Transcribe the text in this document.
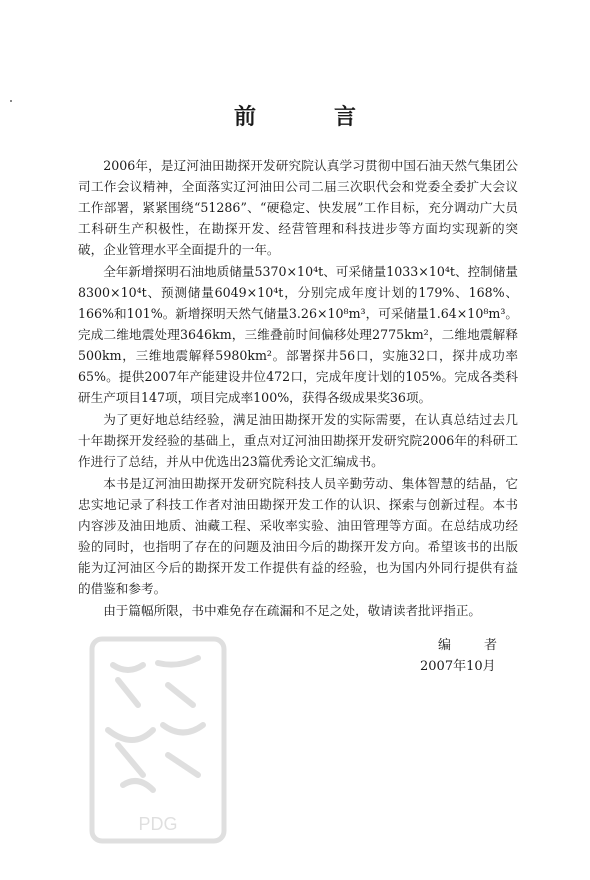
前　言

2006年，是辽河油田勘探开发研究院认真学习贯彻中国石油天然气集团公司工作会议精神，全面落实辽河油田公司二届三次职代会和党委全委扩大会议工作部署，紧紧围绕“51286”、“硬稳定、快发展”工作目标，充分调动广大员工科研生产积极性，在勘探开发、经营管理和科技进步等方面均实现新的突破，企业管理水平全面提升的一年。

全年新增探明石油地质储量5370×10⁴t、可采储量1033×10⁴t、控制储量8300×10⁴t、预测储量6049×10⁴t，分别完成年度计划的179%、168%、166%和101%。新增探明天然气储量3.26×10⁸m³，可采储量1.64×10⁸m³。完成二维地震处理3646km，三维叠前时间偏移处理2775km²，二维地震解释500km，三维地震解释5980km²。部署探井56口，实施32口，探井成功率65%。提供2007年产能建设井位472口，完成年度计划的105%。完成各类科研生产项目147项，项目完成率100%，获得各级成果奖36项。

为了更好地总结经验，满足油田勘探开发的实际需要，在认真总结过去几十年勘探开发经验的基础上，重点对辽河油田勘探开发研究院2006年的科研工作进行了总结，并从中优选出23篇优秀论文汇编成书。

本书是辽河油田勘探开发研究院科技人员辛勤劳动、集体智慧的结晶，它忠实地记录了科技工作者对油田勘探开发工作的认识、探索与创新过程。本书内容涉及油田地质、油藏工程、采收率实验、油田管理等方面。在总结成功经验的同时，也指明了存在的问题及油田今后的勘探开发方向。希望该书的出版能为辽河油区今后的勘探开发工作提供有益的经验，也为国内外同行提供有益的借鉴和参考。

由于篇幅所限，书中难免存在疏漏和不足之处，敬请读者批评指正。

编　者
2007年10月
PDG
